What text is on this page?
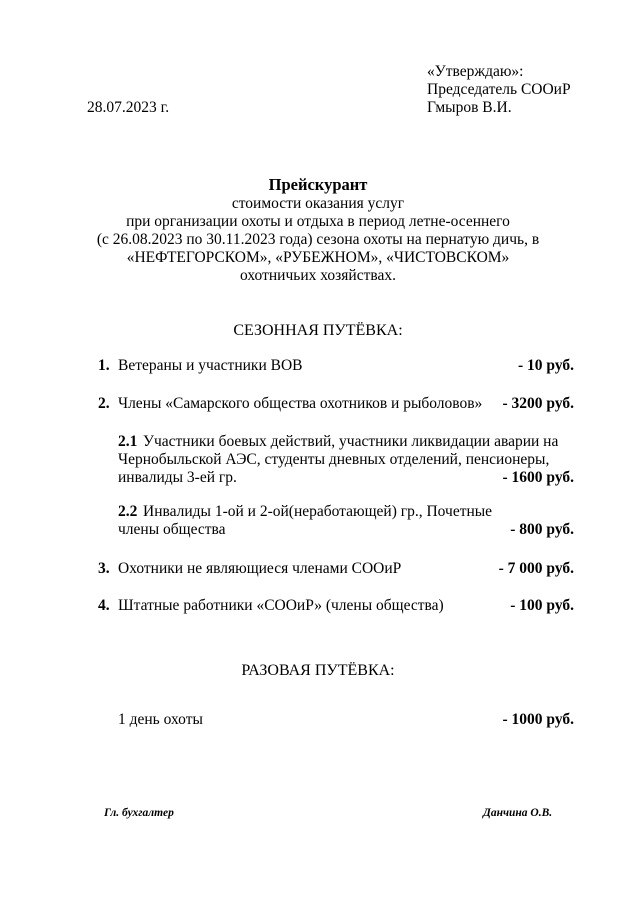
«Утверждаю»:
Председатель СООиР
28.07.2023 г.	Гмыров В.И.
Прейскурант
стоимости оказания услуг
при организации охоты и отдыха в период летне-осеннего
(с 26.08.2023 по 30.11.2023 года) сезона охоты на пернатую дичь, в
«НЕФТЕГОРСКОМ», «РУБЕЖНОМ», «ЧИСТОВСКОМ»
охотничьих хозяйствах.
СЕЗОННАЯ ПУТЁВКА:
1. Ветераны и участники ВОВ	- 10 руб.
2. Члены «Самарского общества охотников и рыболовов» - 3200 руб.
2.1 Участники боевых действий, участники ликвидации аварии на
Чернобыльской АЭС, студенты дневных отделений, пенсионеры,
инвалиды 3-ей гр.	- 1600 руб.
2.2 Инвалиды 1-ой и 2-ой(неработающей) гр., Почетные
члены общества	- 800 руб.
3. Охотники не являющиеся членами СООиР	- 7 000 руб.
4. Штатные работники «СООиР» (члены общества)	- 100 руб.
РАЗОВАЯ ПУТЁВКА:
1 день охоты	- 1000 руб.
Гл. бухгалтер	Данчина О.В.
